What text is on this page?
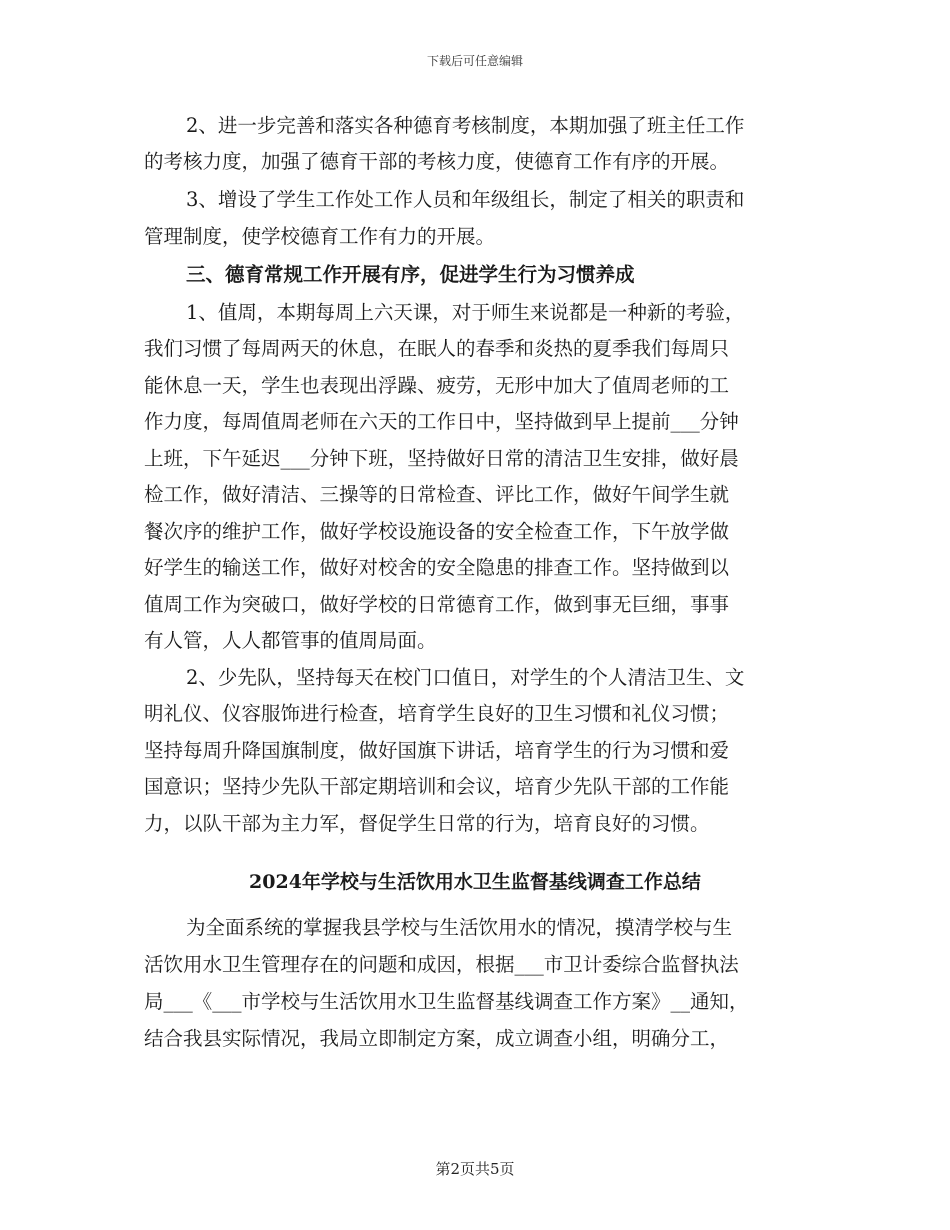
下载后可任意编辑
2、进一步完善和落实各种德育考核制度，本期加强了班主任工作
的考核力度，加强了德育干部的考核力度，使德育工作有序的开展。
3、增设了学生工作处工作人员和年级组长，制定了相关的职责和
管理制度，使学校德育工作有力的开展。
三、德育常规工作开展有序，促进学生行为习惯养成
1、值周，本期每周上六天课，对于师生来说都是一种新的考验，
我们习惯了每周两天的休息，在眠人的春季和炎热的夏季我们每周只
能休息一天，学生也表现出浮躁、疲劳，无形中加大了值周老师的工
作力度，每周值周老师在六天的工作日中，坚持做到早上提前___分钟
上班，下午延迟___分钟下班，坚持做好日常的清洁卫生安排，做好晨
检工作，做好清洁、三操等的日常检查、评比工作，做好午间学生就
餐次序的维护工作，做好学校设施设备的安全检查工作，下午放学做
好学生的输送工作，做好对校舍的安全隐患的排查工作。坚持做到以
值周工作为突破口，做好学校的日常德育工作，做到事无巨细，事事
有人管，人人都管事的值周局面。
2、少先队，坚持每天在校门口值日，对学生的个人清洁卫生、文
明礼仪、仪容服饰进行检查，培育学生良好的卫生习惯和礼仪习惯；
坚持每周升降国旗制度，做好国旗下讲话，培育学生的行为习惯和爱
国意识；坚持少先队干部定期培训和会议，培育少先队干部的工作能
力，以队干部为主力军，督促学生日常的行为，培育良好的习惯。
2024年学校与生活饮用水卫生监督基线调查工作总结
为全面系统的掌握我县学校与生活饮用水的情况，摸清学校与生
活饮用水卫生管理存在的问题和成因，根据___市卫计委综合监督执法
局___《___市学校与生活饮用水卫生监督基线调查工作方案》__通知，
结合我县实际情况，我局立即制定方案，成立调查小组，明确分工，
第2页共5页
